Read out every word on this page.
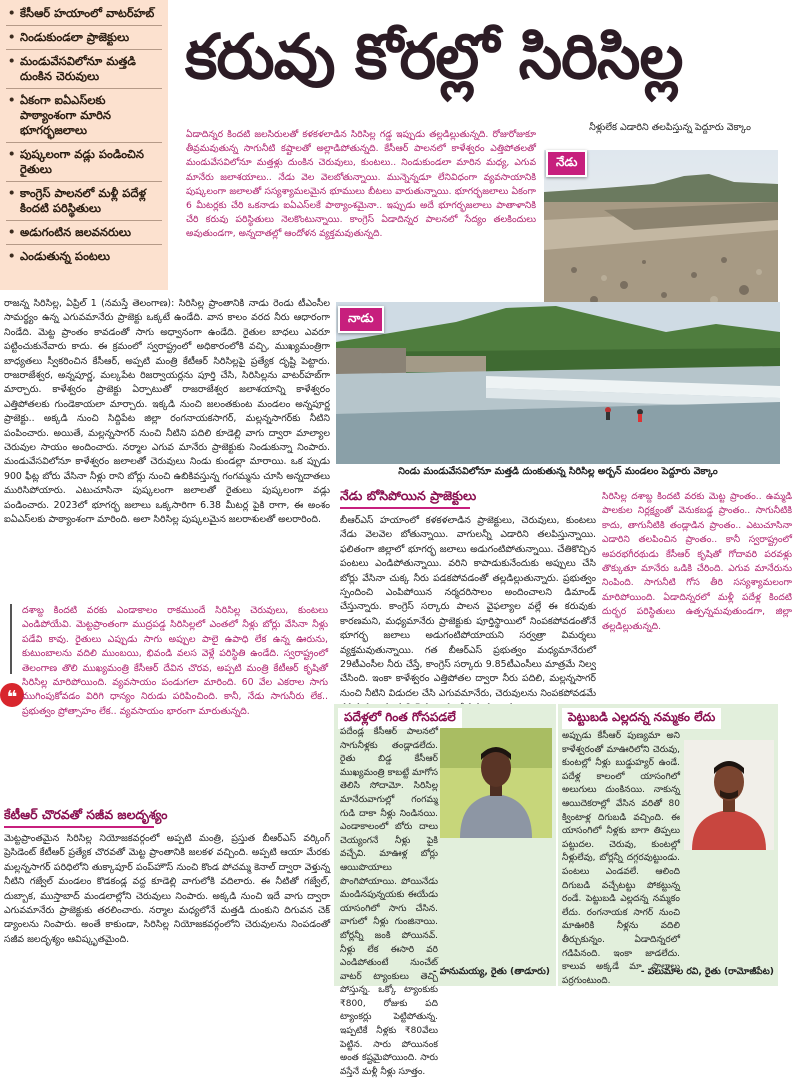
• కేసీఆర్ హయాంలో వాటర్‌హబ్
• నిండుకుండలా ప్రాజెక్టులు
• మండువేసవిలోనూ మత్తడి దుంకిన చెరువులు
• ఏకంగా ఐఏఎస్‌లకు పాఠ్యాంశంగా మారిన భూగర్భజలాలు
• పుష్కలంగా వడ్లు పండించిన రైతులు
• కాంగ్రెస్ పాలనలో మళ్లీ పదేళ్ల కిందటి పరిస్థితులు
• అడుగంటిన జలవనరులు
• ఎండుతున్న పంటలు
కరువు కోరల్లో సిరిసిల్ల

ఏడాదిన్నర కిందటి జలసిరులతో కళకళలాడిన సిరిసిల్ల గడ్డ ఇప్పుడు తల్లడిల్లుతున్నది. రోజురోజుకూ తీవ్రమవుతున్న సాగునీటి కష్టాలతో అల్లాడిపోతున్నది. కేసీఆర్ పాలనలో కాళేశ్వరం ఎత్తిపోతలతో మండువేసవిలోనూ మత్తళ్లు దుంకిన చెరువులు, కుంటలు.. నిండుకుండలా మారిన మధ్య, ఎగువ మానేరు జలాశయాలు.. నేడు వెల వెలబోతున్నాయి. మున్నెన్నడూ లేనివిధంగా వ్యవసాయానికి పుష్కలంగా జలాలతో సస్యశ్యామలమైన భూములు బీటలు వారుతున్నాయి. భూగర్భజలాలు ఏకంగా 6 మీటర్లకు చేరి ఒకనాడు ఐఏఎస్‌లకే పాఠ్యాంశమైనా.. ఇప్పుడు అదే భూగర్భజలాలు పాతాళానికి చేరి కరువు పరిస్థితులు నెలకొంటున్నాయి. కాంగ్రెస్ ఏడాదిన్నర పాలనలో సేద్యం తలకిందులు అవుతుండగా, అన్నదాతల్లో ఆందోళన వ్యక్తమవుతున్నది.

నీళ్లులేక ఎడారిని తలపిస్తున్న పెద్దూరు వెక్కాం
నేడు
నాడు
నిండు మండువేసవిలోనూ మత్తడి దుంకుతున్న సిరిసిల్ల అర్బన్ మండలం పెద్దూరు వెక్కాం

రాజన్న సిరిసిల్ల, ఏప్రిల్ 1 (నమస్తే తెలంగాణ): సిరిసిల్ల ప్రాంతానికి నాడు రెండు టీఎంసీల సామర్థ్యం ఉన్న ఎగువమానేరు ప్రాజెక్టు ఒక్కటే ఉండేది. వాన కాలం వరద నీరు ఆధారంగా నిండేది. మెట్ట ప్రాంతం కావడంతో సాగు అధ్వానంగా ఉండేది. రైతుల బాధలు ఎవరూ పట్టించుకునేవారు కాదు. ఈ క్రమంలో స్వరాష్ట్రంలో అధికారంలోకి వచ్చి, ముఖ్యమంత్రిగా బాధ్యతలు స్వీకరించిన కేసీఆర్, అప్పటి మంత్రి కేటీఆర్ సిరిసిల్లపై ప్రత్యేక దృష్టి పెట్టారు. రాజరాజేశ్వర, అన్నపూర్ణ, మల్కపేట రిజర్వాయర్లను పూర్తి చేసి, సిరిసిల్లను వాటర్‌హబ్‌గా మార్చారు. కాళేశ్వరం ప్రాజెక్టు ఏర్పాటుతో రాజరాజేశ్వర జలాశయాన్ని కాళేశ్వరం ఎత్తిపోతలకు గుండెకాయలా మార్చారు. ఇక్కడి నుంచి జలంతకుంట మండలం అన్నపూర్ణ ప్రాజెక్టు.. అక్కడి నుంచి సిద్దిపేట జిల్లా రంగనాయకసాగర్, మల్లన్నసాగర్‌కు నీటిని పంపించారు. అయితే, మల్లన్నసాగర్ నుంచి నీటిని పదిలి కూడెల్లి వాగు ద్వారా మాల్యాల చెరువుల సాయం అందించారు. నర్మాల ఎగువ మానేరు ప్రాజెక్టుకు నిండుకున్నా నింపారు. మండువేసవిలోనూ కాళేశ్వరం జలాలతో చెరువులు నిండు కుండల్లా మారాయి. ఒక ప్పుడు 900 ఫీట్ల బోరు వేసినా నీళ్లు రాని బోర్లు నుంచి ఉబికివస్తున్న గంగమ్మను చూసి అన్నదాతలు మురిసిపోయారు. ఎటుచూసినా పుష్కలంగా జలాలతో రైతులు పుష్కలంగా వడ్లు పండించారు. 2023లో భూగర్భ జలాలు ఒక్కసారిగా 6.38 మీటర్ల పైకి రాగా, ఈ అంశం ఐఏఎస్‌లకు పాఠ్యాంశంగా మారింది. అలా సిరిసిల్ల పుష్కలమైన జలరాశులతో అలరారింది.

❝

దశాబ్ద కిందటి వరకు ఎండాకాలం రాకముందే సిరిసిల్ల చెరువులు, కుంటలు ఎండిపోయేవి. మెట్టప్రాంతంగా ముద్రపడ్డ సిరిసిల్లలో ఎంతలో నీళ్లు బోర్లు వేసినా నీళ్లు పడేవి కావు. రైతులు ఎప్పుడు సాగు అప్పుల పాలై ఉపాధి లేక ఉన్న ఊరును, కుటుంబాలను వదిలి ముంబయి, భివండి వలస వెళ్లే పరిస్థితి ఉండేది. స్వరాష్ట్రంలో తెలంగాణ తొలి ముఖ్యమంత్రి కేసీఆర్ దేవిన చొరవ, అప్పటి మంత్రి కేటీఆర్ కృషితో సిరిసిల్ల మారిపోయింది. వ్యవసాయం పండుగలా మారింది. 60 వేల ఎకరాల సాగు ముగింపుకోవడం విరిగి ధాన్యం నిరుడు పరిపించింది. కానీ, నేడు సాగునీరు లేక.. ప్రభుత్వం ప్రోత్సాహం లేక.. వ్యవసాయం భారంగా మారుతున్నది.

కేటీఆర్ చొరవతో సజీవ జలదృశ్యం

మెట్టప్రాంతమైన సిరిసిల్ల నియోజకవర్గంలో అప్పటి మంత్రి, ప్రస్తుత బీఆర్‌ఎస్ వర్కింగ్ ప్రెసిడెంట్ కేటీఆర్ ప్రత్యేక చొరవతో మెట్ట ప్రాంతానికి జలకళ వచ్చింది. అప్పటి ఆయా మేరకు మల్లన్నసాగర్ పరిధిలోని తుక్కాపూర్ పంప్‌హౌస్ నుంచి కొండ పోచమ్మ కెనాల్ ద్వారా వెళ్తున్న నీటిని గజ్వేల్ మండలం కొడకండ్ల వద్ద కూడెల్లి వాగులోకి వదిలారు. ఈ నీటితో గజ్వేల్, దుబ్బాక, ముస్తాబాద్ మండలాల్లోని చెరువులు నింపారు. అక్కడి నుంచి ఇదే వాగు ద్వారా ఎగువమానేరు ప్రాజెక్టుకు తరలించారు. నర్మాల మధ్యలోనే మత్తడి దుంకుని దిగువన చెక్ డ్యాంలను నింపారు. అంతే కాకుండా, సిరిసిల్ల నియోజకవర్గంలోని చెరువులను నింపడంతో సజీవ జలదృశ్యం ఆవిష్కృతమైంది.

నేడు బోసిపోయిన ప్రాజెక్టులు

బీఆర్‌ఎస్ హయాంలో కళకళలాడిన ప్రాజెక్టులు, చెరువులు, కుంటలు నేడు వెలవెల బోతున్నాయి. వాగులన్నీ ఎడారిని తలపిస్తున్నాయి. ఫలితంగా జిల్లాలో భూగర్భ జలాలు అడుగంటిపోతున్నాయి. చేతికొచ్చిన పంటలు ఎండిపోతున్నాయి. వరిని కాపాడుకునేందుకు అప్పులు చేసి బోర్లు వేసినా చుక్క నీరు పడకపోవడంతో తల్లడిల్లుతున్నారు. ప్రభుత్వం స్పందించి ఎంపిపోయిన నర్మదరిసాలం అందించాలని డిమాండ్ చేస్తున్నారు. కాంగ్రెస్ సర్కారు పాలన వైఫల్యాల వల్లే ఈ కరువుకు కారణమని, మధ్యమానేరు ప్రాజెక్టుకు పూర్తిస్థాయిలో నింపకపోవడంతోనే భూగర్భ జలాలు అడుగంటిపోయాయని సర్వత్రా విమర్శలు వ్యక్తమవుతున్నాయి. గత బీఆర్‌ఎస్ ప్రభుత్వం మధ్యమానేరులో 29టీఎంసీల నీరు చేస్తే, కాంగ్రెస్ సర్కారు 9.85టీఎంసీలు మాత్రమే నిల్వ చేసింది. ఇంకా కాళేశ్వరం ఎత్తిపోతల ద్వారా నీరు పదిలి, మల్లన్నసాగర్ నుంచి నీటిని విడుదల చేసి ఎగువమానేరు, చెరువులను నింపకపోవడమే

సిరిసిల్ల దశాబ్ద కిందటి వరకు మెట్ట ప్రాంతం.. ఉమ్మడి పాలకుల నిర్లక్ష్యంతో వెనుకబడ్డ ప్రాంతం.. సాగునీటికి కాదు, తాగునీటికి తండ్లాడిన ప్రాంతం.. ఎటుచూసినా ఎడారిని తలపించిన ప్రాంతం.. కానీ స్వరాష్ట్రంలో అపరభగీరథుడు కేసీఆర్ కృషితో గోదావరి పరవళ్లు తొక్కుతూ మానేరు ఒడికి చేరింది. ఎగువ మానేరును నింపింది. సాగునీటి గోస తీరి సస్యశ్యామలంగా మారిపోయింది. ఏడాదిన్నరలో మళ్లీ పదేళ్ల కిందటి దుర్భర పరిస్థితులు ఉత్పన్నమవుతుండగా, జిల్లా తల్లడిల్లుతున్నది.

పదేళ్లలో గింత గోసపడలే

పదేండ్ల కేసీఆర్ పాలనలో సాగునీళ్లకు తండ్లాడలేదు. రైతు బిడ్డ కేసీఆర్ ముఖ్యమంత్రి కాబట్టే మాగోస తెలిసి సోదామో. సిరిసిల్ల మానేరువాగుల్లో గంగమ్మ గుడి దాకా నీళ్లు నిండినయి. ఎండాకాలంలో బోరు దాలు చెయ్యంగనే నీళ్లు పైకి వచ్చేవి. మాఊళ్ల బోర్లు ఆయిపొయాలు పొంగిపోయాయి. పోయినేడు మండినపున్నయకు ఈయేడు యాసంగిలో సాగు చేసిన. వాగులో నీళ్లు గుంజినాయి. బోర్లన్నీ జంకి పోయినవ్. నీళ్లు లేక ఈసారి వరి ఎండిపోతుంటే నుంచేట్‌ వాటర్ ట్యాంకులు తెచ్చి పోస్తున్న. ఒక్కో ట్యాంకుకు ₹800, రోజుకు పది ట్యాంకర్లు పెట్టిపోతున్న. ఇప్పటికే నీళ్లకు ₹80వేలు పెట్టిన. సారు పోయినంక అంత కష్టమైపోయింది. సారు వస్తేనే మళ్లీ నీళ్లు సూత్తం.

- హనుమయ్య, రైతు (తాడూరు)
పెట్టుబడి ఎల్లదన్న నమ్మకం లేదు

అప్పుడు కేసీఆర్ పుణ్యమా అని కాళేశ్వరంతో మాఊరిలోని చెరువు, కుంటల్లో నీళ్లు బుడ్డుహ్యర్ ఉండే. పదేళ్ల కాలంలో యాసంగిలో అలుగులు దుంకినయి. నాకున్న ఆయిదెకరాల్లో వేసిన వరితో 80 క్వింటాళ్ల దిగుబడి వచ్చింది. ఈ యాసంగిలో నీళ్లకు బాగా తిప్పలు పట్టుదల. చెరువు, కుంటల్లో నీళ్లులేవు, బోర్లన్నీ దగ్గరవుట్టుండు. పంటలు ఎండవలే. ఆలింది దిగుబడి వచ్చేటట్టు పోకట్టున్న రండే. పెట్టుబడి ఎల్లదన్న నమ్మకం లేదు. రంగనాయక సాగర్ నుంచి మాఊరికి నీళ్లను వదిలి తీర్చుకున్నం. ఏడాదిన్నరలో గడిపినంది. ఇంకా జాడలేదు. కాలువ అక్కడే మా పొలాలు పర్రగుంటుంది.

- పలుమాల రవి, రైతు (రామోజీపేట)
